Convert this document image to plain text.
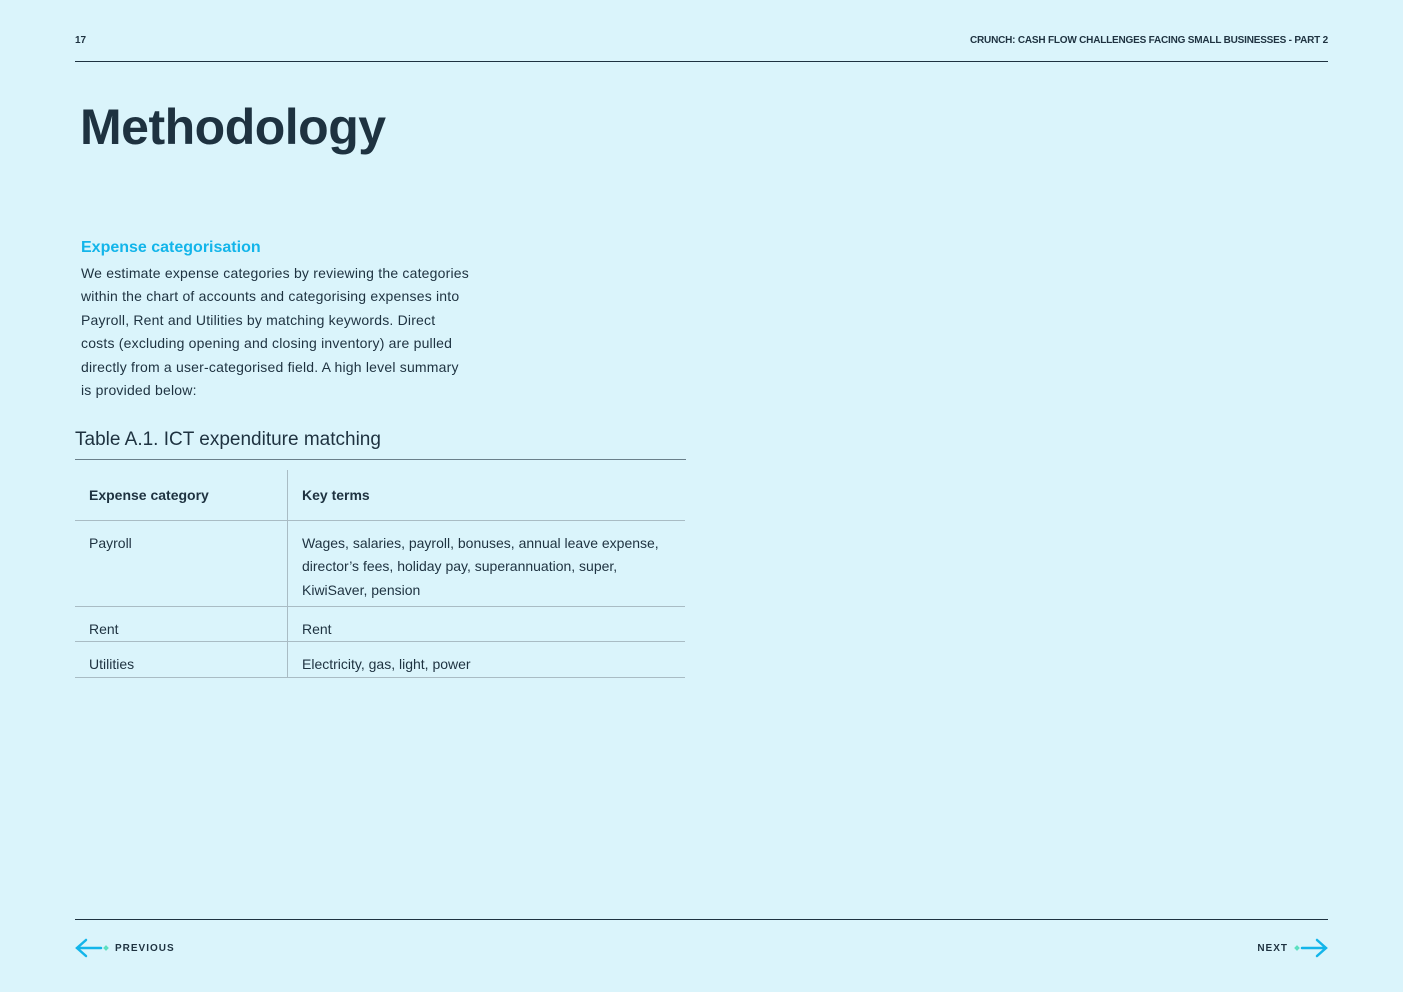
17	CRUNCH: CASH FLOW CHALLENGES FACING SMALL BUSINESSES - PART 2
Methodology
Expense categorisation
We estimate expense categories by reviewing the categories within the chart of accounts and categorising expenses into Payroll, Rent and Utilities by matching keywords. Direct costs (excluding opening and closing inventory) are pulled directly from a user-categorised field. A high level summary is provided below:
Table A.1. ICT expenditure matching
Expense category	Key terms
Payroll	Wages, salaries, payroll, bonuses, annual leave expense, director’s fees, holiday pay, superannuation, super, KiwiSaver, pension
Rent	Rent
Utilities	Electricity, gas, light, power
PREVIOUS	NEXT
